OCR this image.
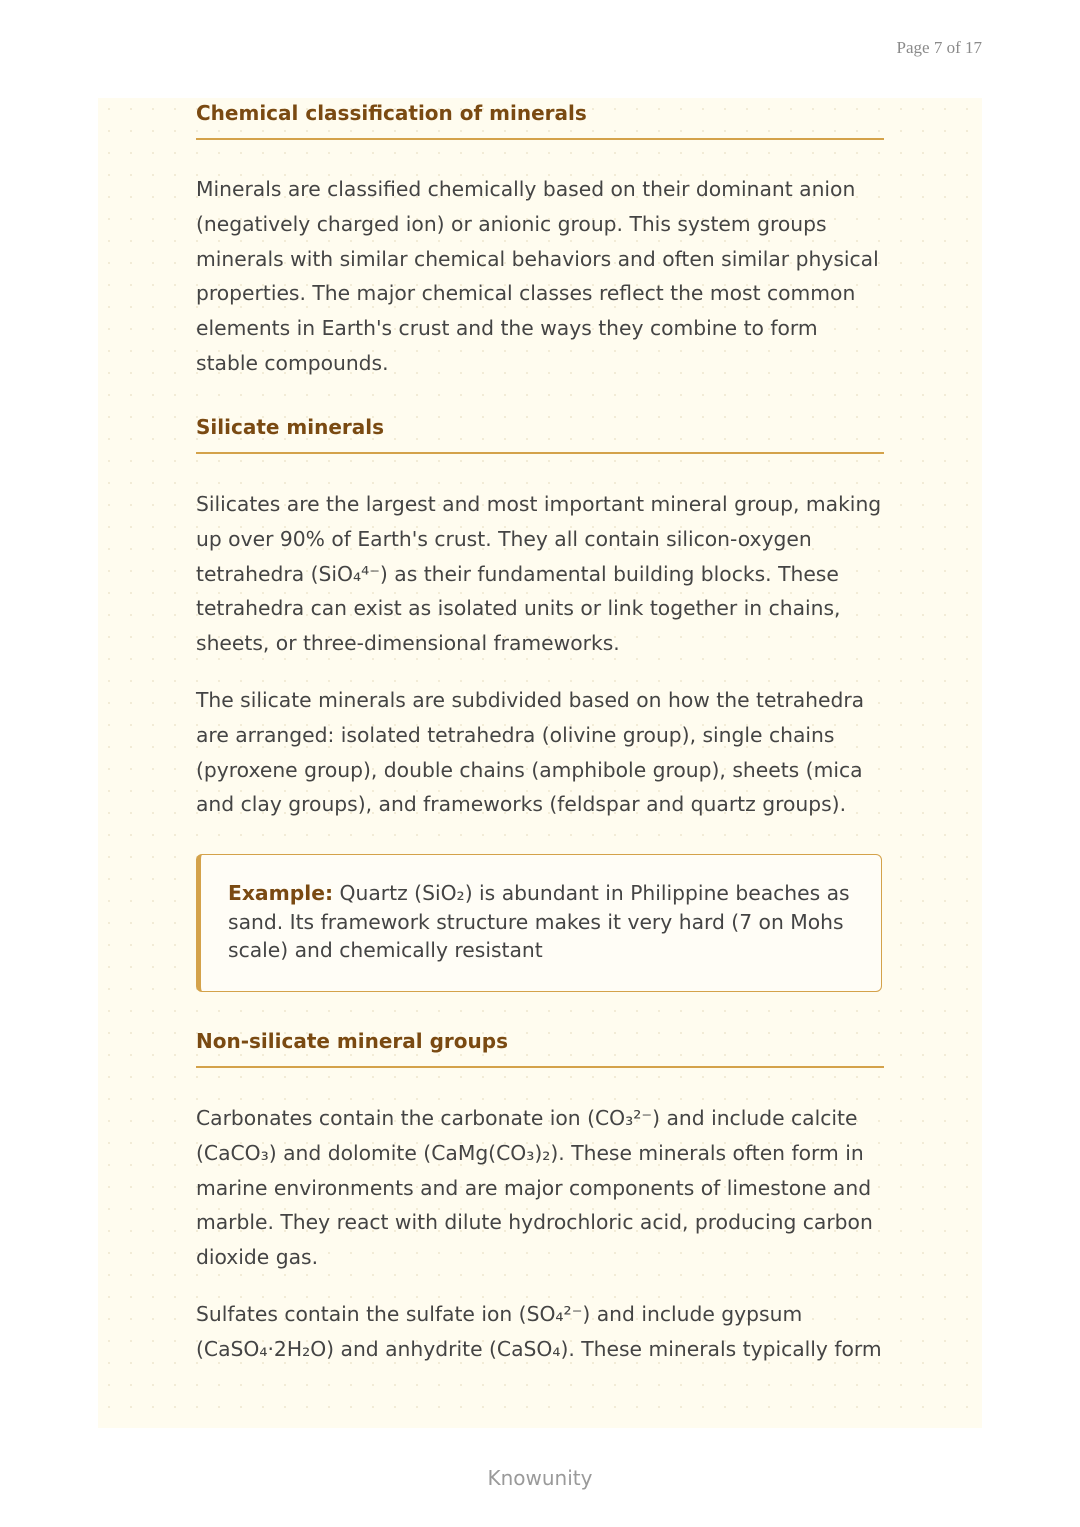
Page 7 of 17
Chemical classification of minerals

Minerals are classified chemically based on their dominant anion (negatively charged ion) or anionic group. This system groups minerals with similar chemical behaviors and often similar physical properties. The major chemical classes reflect the most common elements in Earth's crust and the ways they combine to form stable compounds.

Silicate minerals

Silicates are the largest and most important mineral group, making up over 90% of Earth's crust. They all contain silicon-oxygen tetrahedra (SiO₄⁴⁻) as their fundamental building blocks. These tetrahedra can exist as isolated units or link together in chains, sheets, or three-dimensional frameworks.

The silicate minerals are subdivided based on how the tetrahedra are arranged: isolated tetrahedra (olivine group), single chains (pyroxene group), double chains (amphibole group), sheets (mica and clay groups), and frameworks (feldspar and quartz groups).

Example: Quartz (SiO₂) is abundant in Philippine beaches as sand. Its framework structure makes it very hard (7 on Mohs scale) and chemically resistant
Non-silicate mineral groups

Carbonates contain the carbonate ion (CO₃²⁻) and include calcite (CaCO₃) and dolomite (CaMg(CO₃)₂). These minerals often form in marine environments and are major components of limestone and marble. They react with dilute hydrochloric acid, producing carbon dioxide gas.

Sulfates contain the sulfate ion (SO₄²⁻) and include gypsum (CaSO₄·2H₂O) and anhydrite (CaSO₄). These minerals typically form

Knowunity
